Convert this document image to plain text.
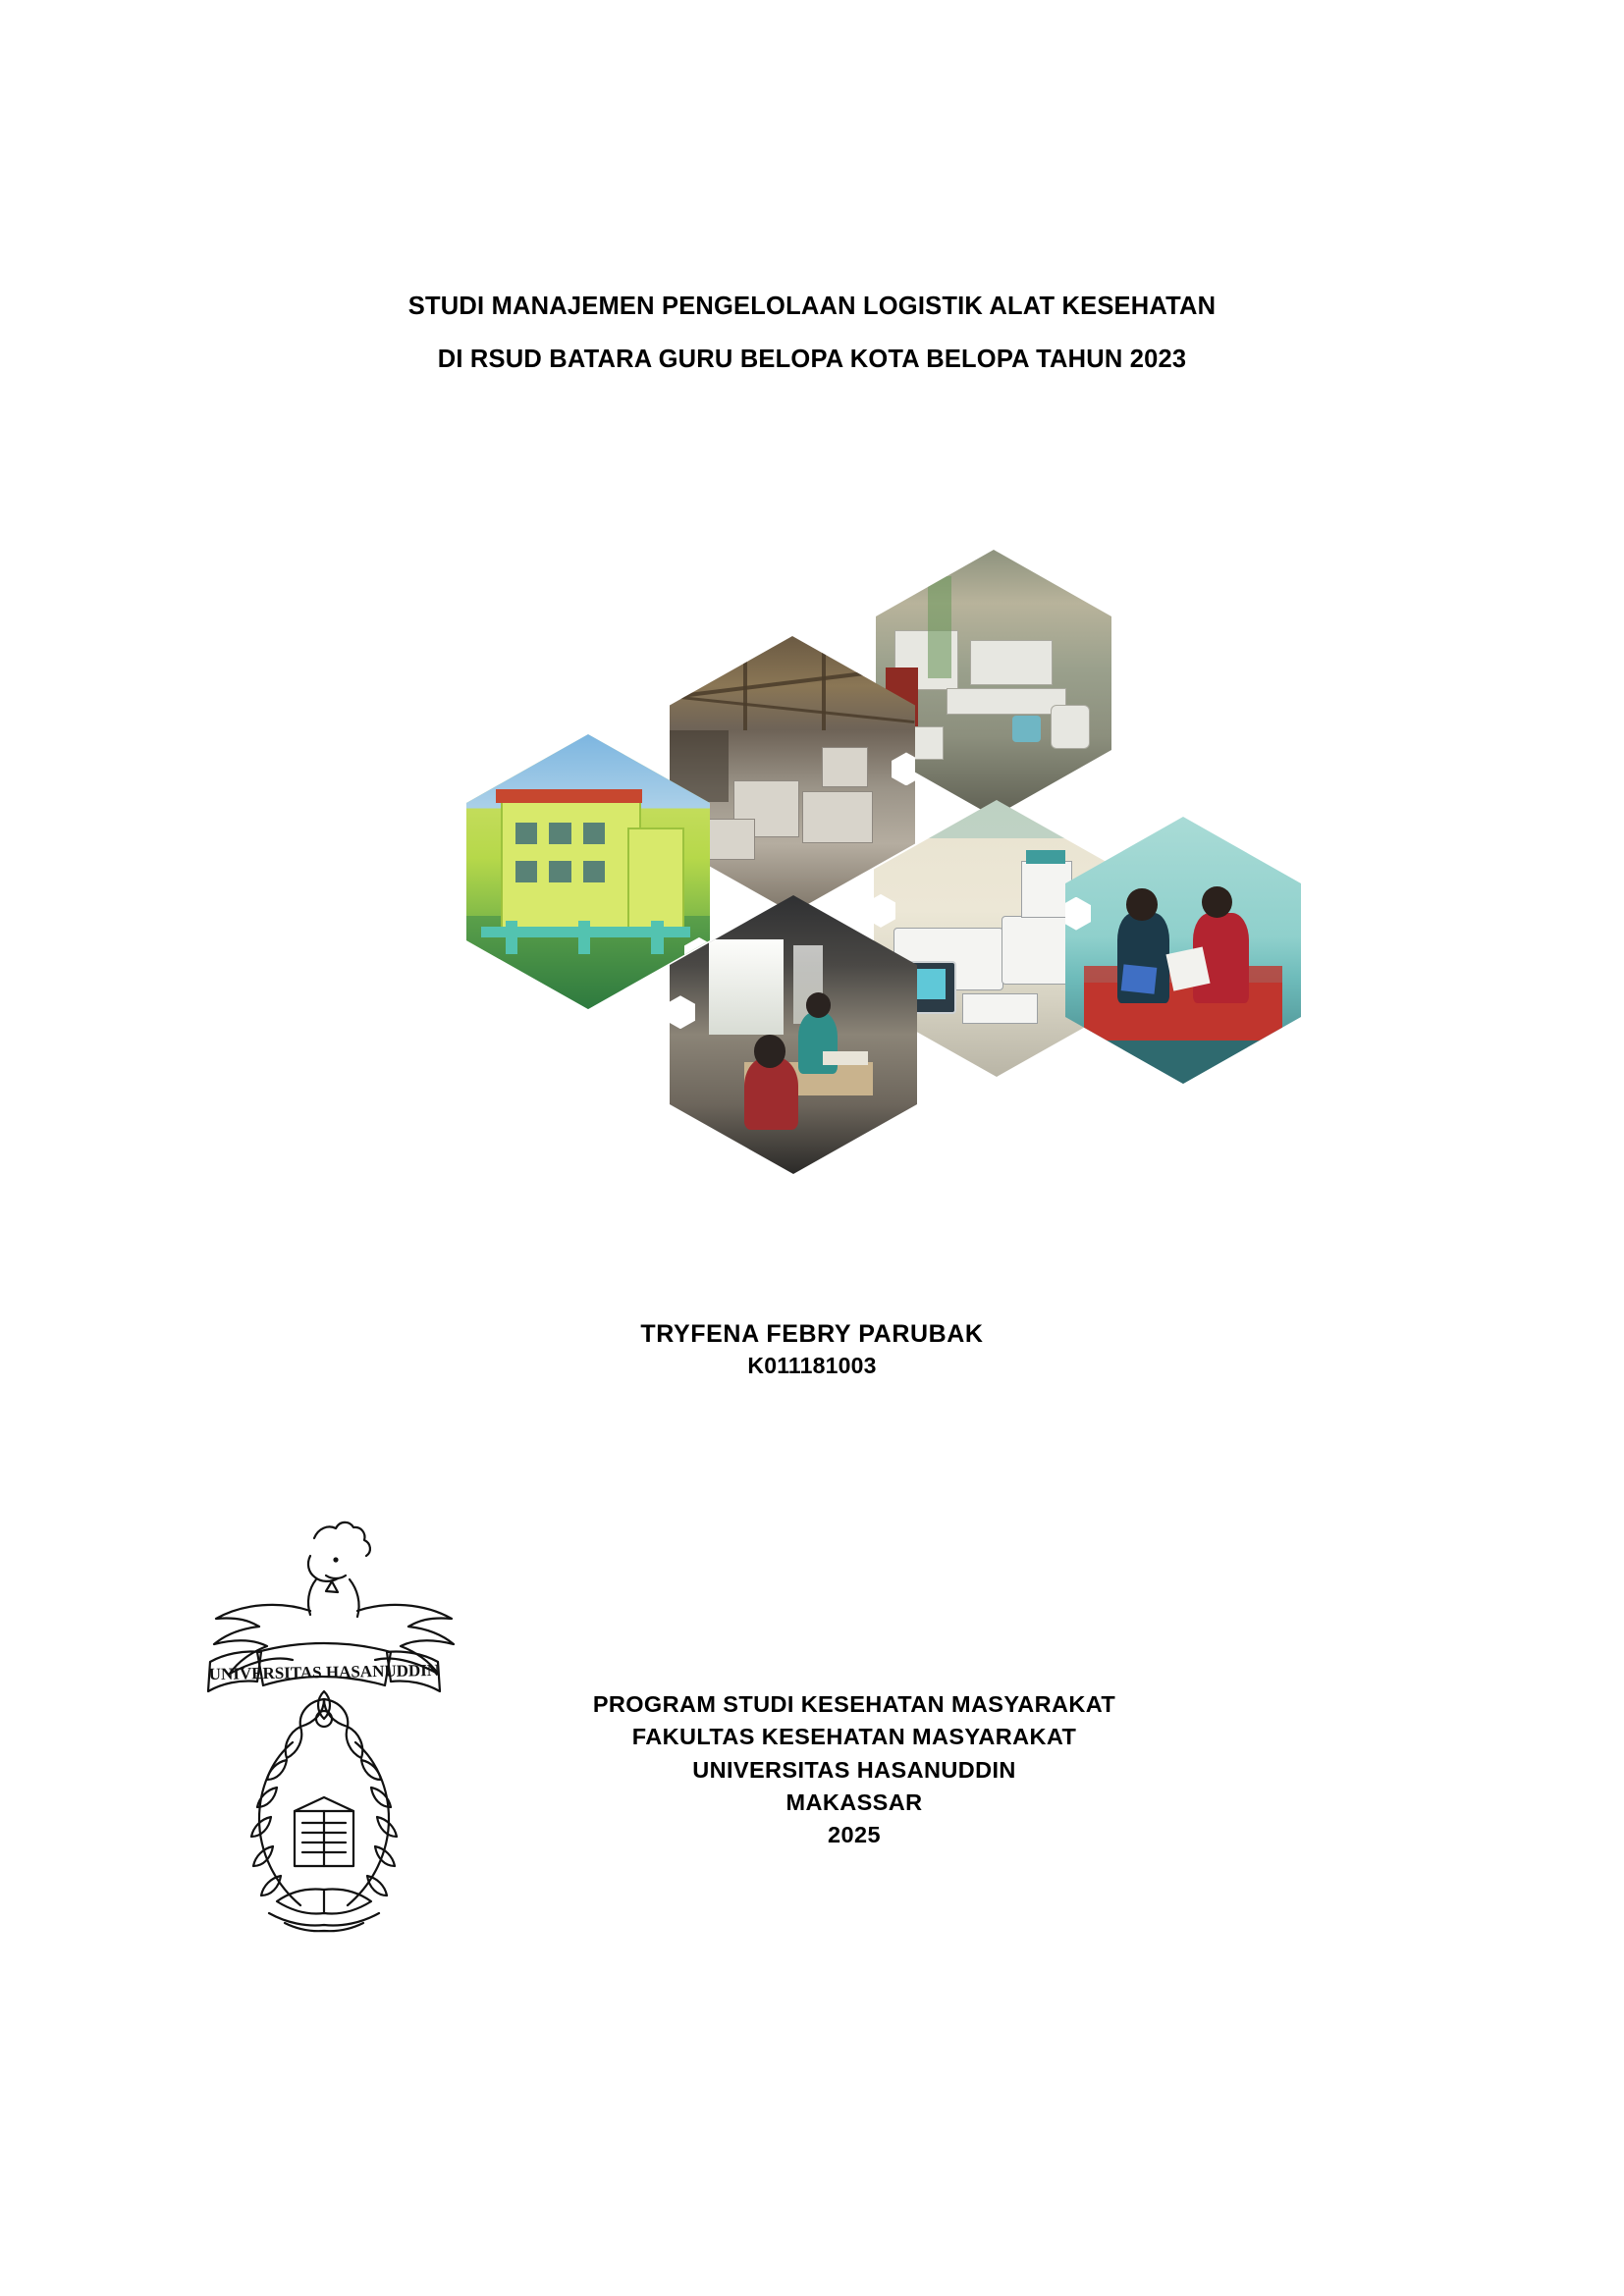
STUDI MANAJEMEN PENGELOLAAN LOGISTIK ALAT KESEHATAN
DI RSUD BATARA GURU BELOPA KOTA BELOPA TAHUN 2023
TRYFENA FEBRY PARUBAK
K011181003
UNIVERSITAS HASANUDDIN
PROGRAM STUDI KESEHATAN MASYARAKAT
FAKULTAS KESEHATAN MASYARAKAT
UNIVERSITAS HASANUDDIN
MAKASSAR
2025
